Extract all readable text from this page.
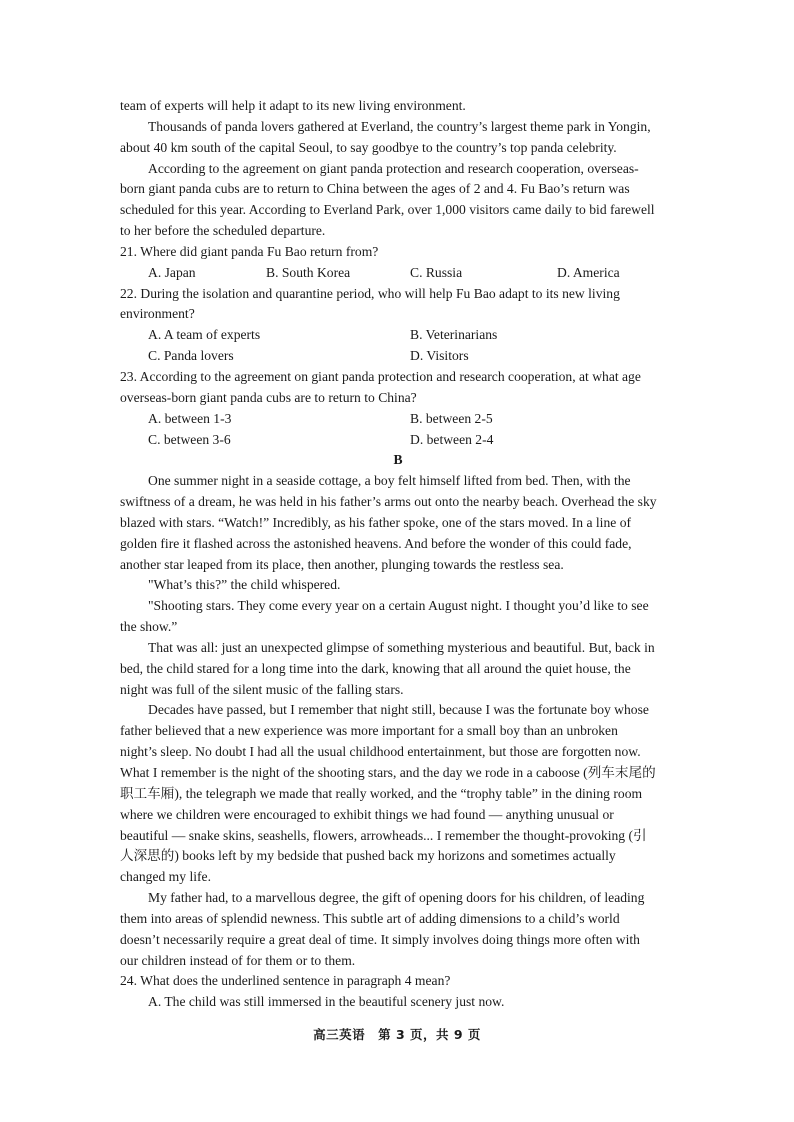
team of experts will help it adapt to its new living environment.
Thousands of panda lovers gathered at Everland, the country’s largest theme park in Yongin,
about 40 km south of the capital Seoul, to say goodbye to the country’s top panda celebrity.
According to the agreement on giant panda protection and research cooperation, overseas-
born giant panda cubs are to return to China between the ages of 2 and 4. Fu Bao’s return was
scheduled for this year. According to Everland Park, over 1,000 visitors came daily to bid farewell
to her before the scheduled departure.
21. Where did giant panda Fu Bao return from?
A. Japan	B. South Korea	C. Russia	D. America
22. During the isolation and quarantine period, who will help Fu Bao adapt to its new living
environment?
A. A team of experts	B. Veterinarians
C. Panda lovers	D. Visitors
23. According to the agreement on giant panda protection and research cooperation, at what age
overseas-born giant panda cubs are to return to China?
A. between 1-3	B. between 2-5
C. between 3-6	D. between 2-4
B
One summer night in a seaside cottage, a boy felt himself lifted from bed. Then, with the
swiftness of a dream, he was held in his father’s arms out onto the nearby beach. Overhead the sky
blazed with stars. “Watch!” Incredibly, as his father spoke, one of the stars moved. In a line of
golden fire it flashed across the astonished heavens. And before the wonder of this could fade,
another star leaped from its place, then another, plunging towards the restless sea.
"What’s this?” the child whispered.
"Shooting stars. They come every year on a certain August night. I thought you’d like to see
the show.”
That was all: just an unexpected glimpse of something mysterious and beautiful. But, back in
bed, the child stared for a long time into the dark, knowing that all around the quiet house, the
night was full of the silent music of the falling stars.
Decades have passed, but I remember that night still, because I was the fortunate boy whose
father believed that a new experience was more important for a small boy than an unbroken
night’s sleep. No doubt I had all the usual childhood entertainment, but those are forgotten now.
What I remember is the night of the shooting stars, and the day we rode in a caboose (列车末尾的
职工车厢), the telegraph we made that really worked, and the “trophy table” in the dining room
where we children were encouraged to exhibit things we had found — anything unusual or
beautiful — snake skins, seashells, flowers, arrowheads... I remember the thought-provoking (引
人深思的) books left by my bedside that pushed back my horizons and sometimes actually
changed my life.
My father had, to a marvellous degree, the gift of opening doors for his children, of leading
them into areas of splendid newness. This subtle art of adding dimensions to a child’s world
doesn’t necessarily require a great deal of time. It simply involves doing things more often with
our children instead of for them or to them.
24. What does the underlined sentence in paragraph 4 mean?
A. The child was still immersed in the beautiful scenery just now.
高三英语　第 3 页，共 9 页
